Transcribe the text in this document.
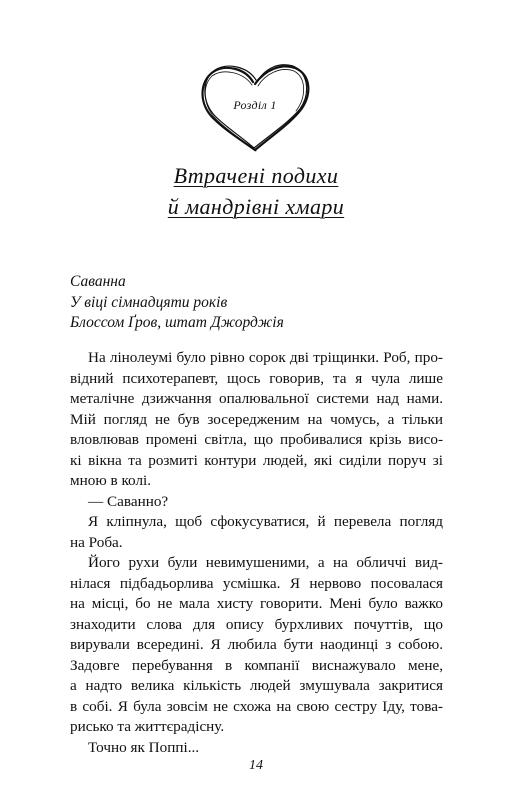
Розділ 1
Втрачені подихи
й мандрівні хмари
Саванна
У віці сімнадцяти років
Блоссом Ґров, штат Джорджія
На лінолеумі було рівно сорок дві тріщинки. Роб, про-
відний психотерапевт, щось говорив, та я чула лише
металічне дзижчання опалювальної системи над нами.
Мій погляд не був зосередженим на чомусь, а тільки
вловлював промені світла, що пробивалися крізь висо-
кі вікна та розмиті контури людей, які сиділи поруч зі
мною в колі.
— Саванно?
Я кліпнула, щоб сфокусуватися, й перевела погляд
на Роба.
Його рухи були невимушеними, а на обличчі вид-
нілася підбадьорлива усмішка. Я нервово посовалася
на місці, бо не мала хисту говорити. Мені було важко
знаходити слова для опису бурхливих почуттів, що
вирували всередині. Я любила бути наодинці з собою.
Задовге перебування в компанії виснажувало мене,
а надто велика кількість людей змушувала закритися
в собі. Я була зовсім не схожа на свою сестру Іду, това-
рисько та життєрадісну.
Точно як Поппі...
14
